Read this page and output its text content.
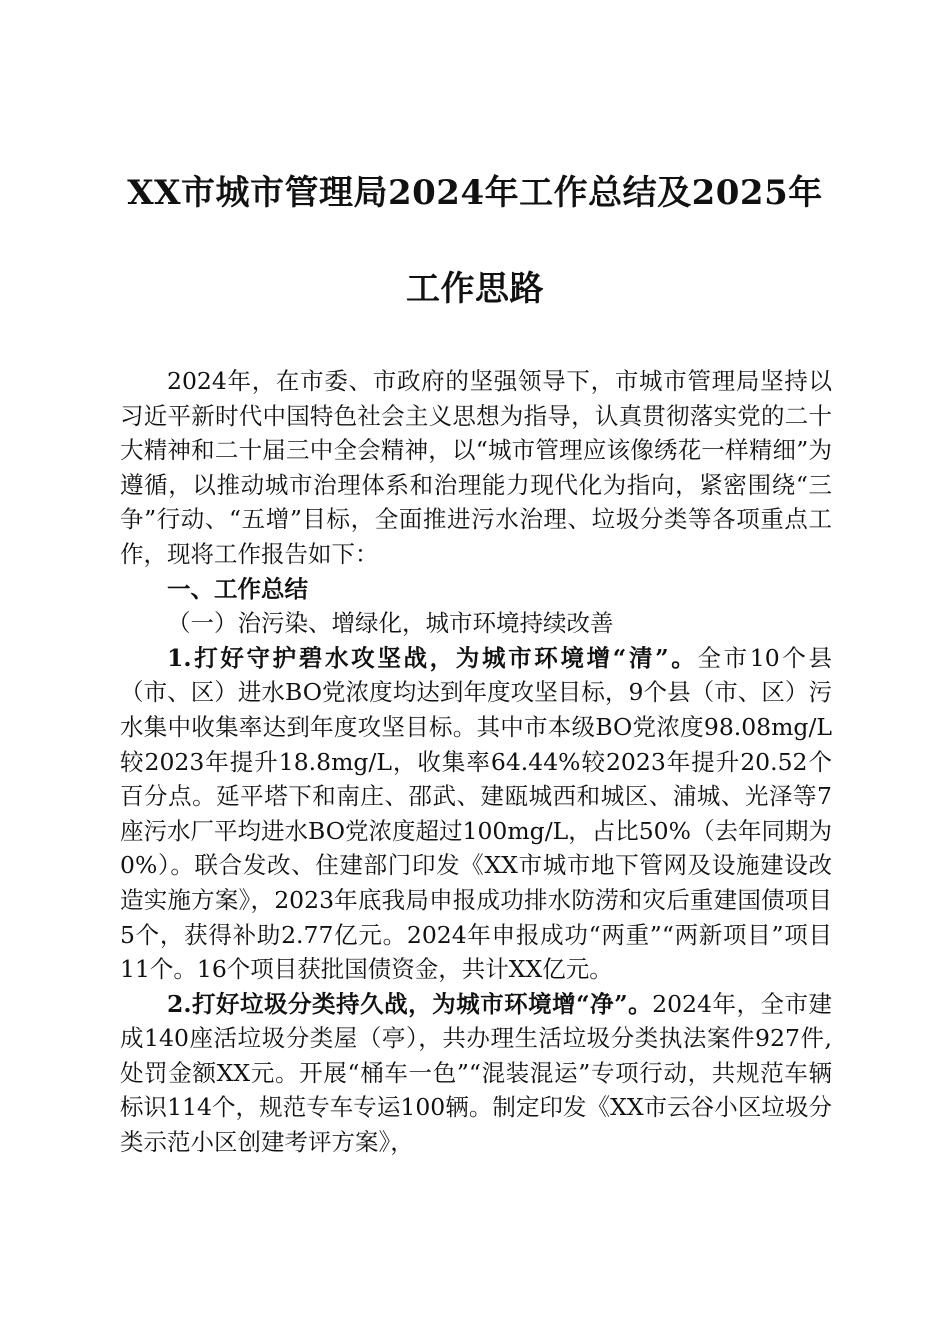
XX市城市管理局2024年工作总结及2025年
工作思路

2024年，在市委、市政府的坚强领导下，市城市管理局坚持以习近平新时代中国特色社会主义思想为指导，认真贯彻落实党的二十大精神和二十届三中全会精神，以“城市管理应该像绣花一样精细”为遵循，以推动城市治理体系和治理能力现代化为指向，紧密围绕“三争”行动、“五增”目标，全面推进污水治理、垃圾分类等各项重点工作，现将工作报告如下：

一、工作总结

（一）治污染、增绿化，城市环境持续改善

1.打好守护碧水攻坚战，为城市环境增“清”。全市10个县（市、区）进水BO党浓度均达到年度攻坚目标，9个县（市、区）污水集中收集率达到年度攻坚目标。其中市本级BO党浓度98.08mg/L较2023年提升18.8mg/L，收集率64.44%较2023年提升20.52个百分点。延平塔下和南庄、邵武、建瓯城西和城区、浦城、光泽等7座污水厂平均进水BO党浓度超过100mg/L，占比50%（去年同期为0%）。联合发改、住建部门印发《XX市城市地下管网及设施建设改造实施方案》，2023年底我局申报成功排水防涝和灾后重建国债项目5个，获得补助2.77亿元。2024年申报成功“两重”“两新项目”项目11个。16个项目获批国债资金，共计XX亿元。

2.打好垃圾分类持久战，为城市环境增“净”。2024年，全市建成140座活垃圾分类屋（亭），共办理生活垃圾分类执法案件927件,处罚金额XX元。开展“桶车一色”“混装混运”专项行动，共规范车辆标识114个，规范专车专运100辆。制定印发《XX市云谷小区垃圾分类示范小区创建考评方案》，
